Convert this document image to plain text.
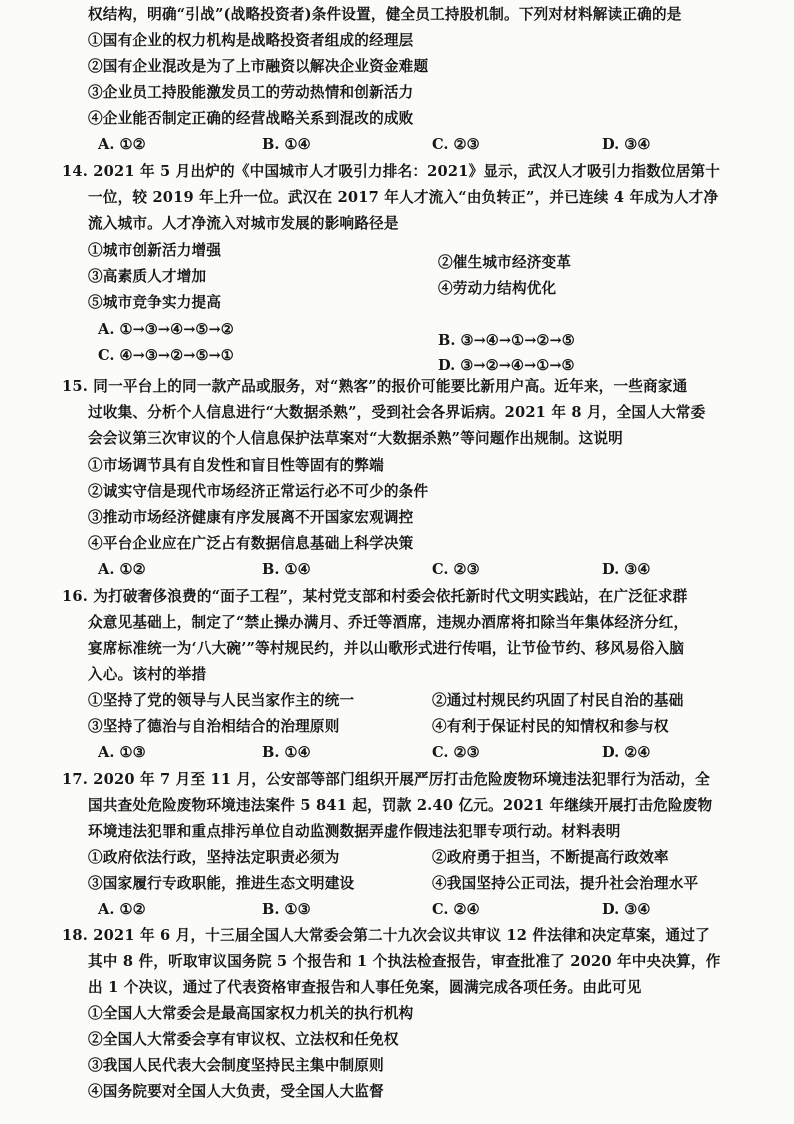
权结构，明确“引战”(战略投资者)条件设置，健全员工持股机制。下列对材料解读正确的是
①国有企业的权力机构是战略投资者组成的经理层
②国有企业混改是为了上市融资以解决企业资金难题
③企业员工持股能激发员工的劳动热情和创新活力
④企业能否制定正确的经营战略关系到混改的成败
A. ①②	B. ①④	C. ②③	D. ③④
14. 2021 年 5 月出炉的《中国城市人才吸引力排名：2021》显示，武汉人才吸引力指数位居第十
一位，较 2019 年上升一位。武汉在 2017 年人才流入“由负转正”，并已连续 4 年成为人才净
流入城市。人才净流入对城市发展的影响路径是
①城市创新活力增强
②催生城市经济变革
③高素质人才增加
④劳动力结构优化
⑤城市竞争实力提高
A. ①→③→④→⑤→②
B. ③→④→①→②→⑤
C. ④→③→②→⑤→①
D. ③→②→④→①→⑤
15. 同一平台上的同一款产品或服务，对“熟客”的报价可能要比新用户高。近年来，一些商家通
过收集、分析个人信息进行“大数据杀熟”，受到社会各界诟病。2021 年 8 月，全国人大常委
会会议第三次审议的个人信息保护法草案对“大数据杀熟”等问题作出规制。这说明
①市场调节具有自发性和盲目性等固有的弊端
②诚实守信是现代市场经济正常运行必不可少的条件
③推动市场经济健康有序发展离不开国家宏观调控
④平台企业应在广泛占有数据信息基础上科学决策
A. ①②	B. ①④	C. ②③	D. ③④
16. 为打破奢侈浪费的“面子工程”，某村党支部和村委会依托新时代文明实践站，在广泛征求群
众意见基础上，制定了“禁止操办满月、乔迁等酒席，违规办酒席将扣除当年集体经济分红，
宴席标准统一为‘八大碗’”等村规民约，并以山歌形式进行传唱，让节俭节约、移风易俗入脑
入心。该村的举措
①坚持了党的领导与人民当家作主的统一	②通过村规民约巩固了村民自治的基础
③坚持了德治与自治相结合的治理原则	④有利于保证村民的知情权和参与权
A. ①③	B. ①④	C. ②③	D. ②④
17. 2020 年 7 月至 11 月，公安部等部门组织开展严厉打击危险废物环境违法犯罪行为活动，全
国共查处危险废物环境违法案件 5 841 起，罚款 2.40 亿元。2021 年继续开展打击危险废物
环境违法犯罪和重点排污单位自动监测数据弄虚作假违法犯罪专项行动。材料表明
①政府依法行政，坚持法定职责必须为	②政府勇于担当，不断提高行政效率
③国家履行专政职能，推进生态文明建设	④我国坚持公正司法，提升社会治理水平
A. ①②	B. ①③	C. ②④	D. ③④
18. 2021 年 6 月，十三届全国人大常委会第二十九次会议共审议 12 件法律和决定草案，通过了
其中 8 件，听取审议国务院 5 个报告和 1 个执法检查报告，审查批准了 2020 年中央决算，作
出 1 个决议，通过了代表资格审查报告和人事任免案，圆满完成各项任务。由此可见
①全国人大常委会是最高国家权力机关的执行机构
②全国人大常委会享有审议权、立法权和任免权
③我国人民代表大会制度坚持民主集中制原则
④国务院要对全国人大负责，受全国人大监督
